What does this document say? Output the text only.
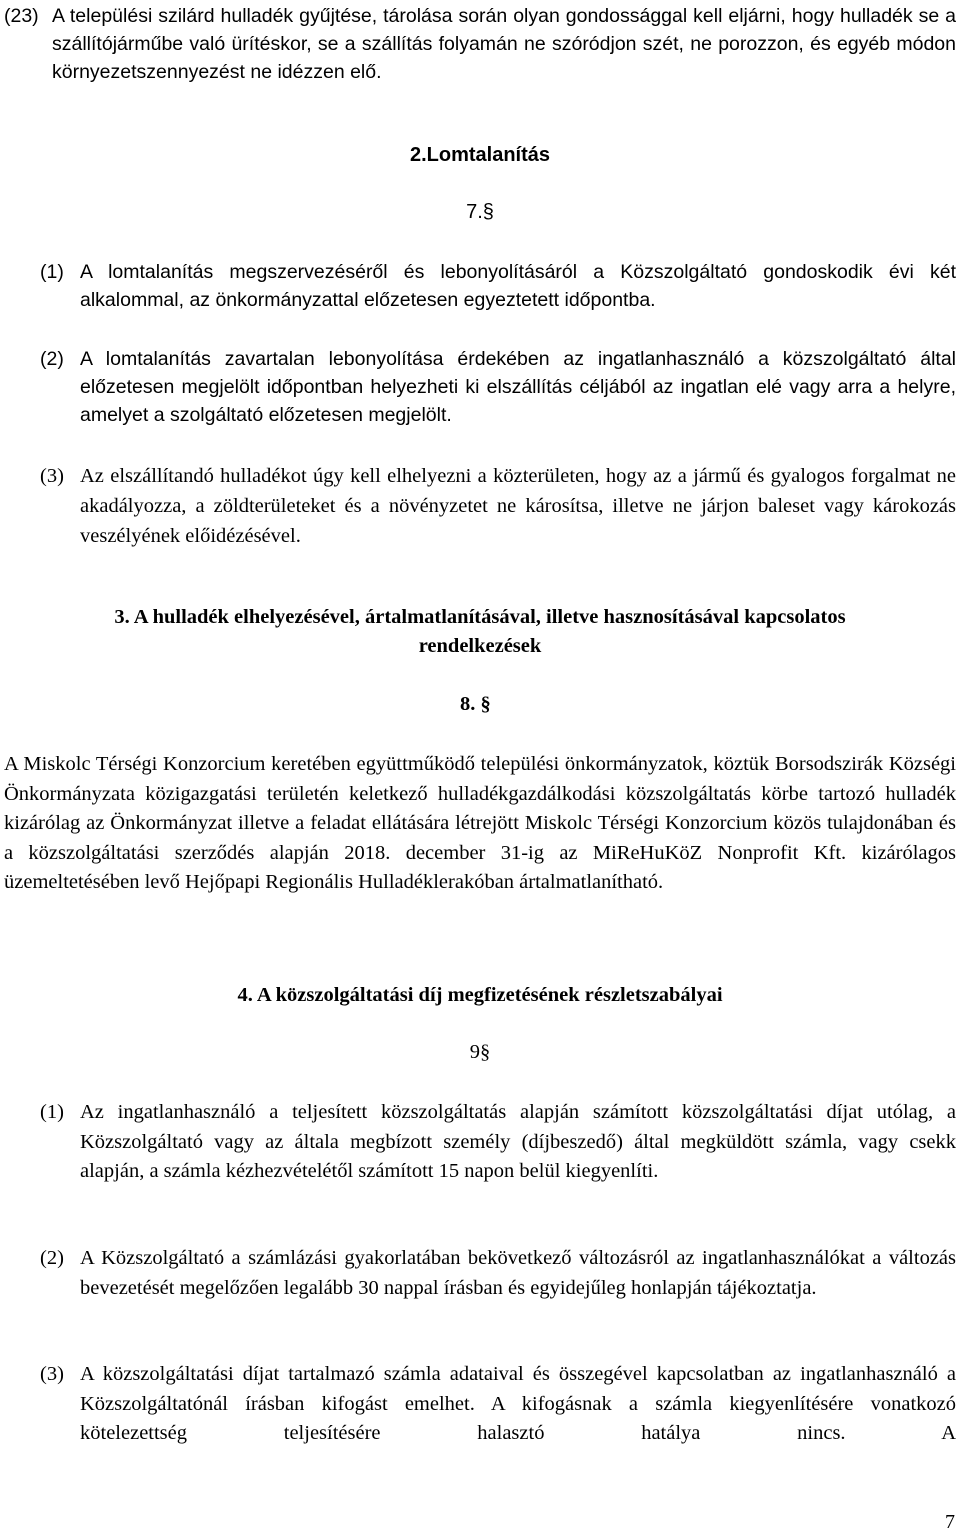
(23) A települési szilárd hulladék gyűjtése, tárolása során olyan gondossággal kell eljárni, hogy hulladék se a szállítójárműbe való ürítéskor, se a szállítás folyamán ne szóródjon szét, ne porozzon, és egyéb módon környezetszennyezést ne idézzen elő.
2.Lomtalanítás
7.§
(1) A lomtalanítás megszervezéséről és lebonyolításáról a Közszolgáltató gondoskodik évi két alkalommal, az önkormányzattal előzetesen egyeztetett időpontba.
(2) A lomtalanítás zavartalan lebonyolítása érdekében az ingatlanhasználó a közszolgáltató által előzetesen megjelölt időpontban helyezheti ki elszállítás céljából az ingatlan elé vagy arra a helyre, amelyet a szolgáltató előzetesen megjelölt.
(3) Az elszállítandó hulladékot úgy kell elhelyezni a közterületen, hogy az a jármű és gyalogos forgalmat ne akadályozza, a zöldterületeket és a növényzetet ne károsítsa, illetve ne járjon baleset vagy károkozás veszélyének előidézésével.
3. A hulladék elhelyezésével, ártalmatlanításával, illetve hasznosításával kapcsolatos
rendelkezések
8. §
A Miskolc Térségi Konzorcium keretében együttműködő települési önkormányzatok, köztük Borsodszirák Községi Önkormányzata közigazgatási területén keletkező hulladékgazdálkodási közszolgáltatás körbe tartozó hulladék kizárólag az Önkormányzat illetve a feladat ellátására létrejött Miskolc Térségi Konzorcium közös tulajdonában és a közszolgáltatási szerződés alapján 2018. december 31-ig az MiReHuKöZ Nonprofit Kft. kizárólagos üzemeltetésében levő Hejőpapi Regionális Hulladéklerakóban ártalmatlanítható.
4. A közszolgáltatási díj megfizetésének részletszabályai
9§
(1) Az ingatlanhasználó a teljesített közszolgáltatás alapján számított közszolgáltatási díjat utólag, a Közszolgáltató vagy az általa megbízott személy (díjbeszedő) által megküldött számla, vagy csekk alapján, a számla kézhezvételétől számított 15 napon belül kiegyenlíti.
(2) A Közszolgáltató a számlázási gyakorlatában bekövetkező változásról az ingatlanhasználókat a változás bevezetését megelőzően legalább 30 nappal írásban és egyidejűleg honlapján tájékoztatja.
(3) A közszolgáltatási díjat tartalmazó számla adataival és összegével kapcsolatban az ingatlanhasználó a Közszolgáltatónál írásban kifogást emelhet. A kifogásnak a számla kiegyenlítésére vonatkozó kötelezettség teljesítésére halasztó hatálya nincs. A
7
